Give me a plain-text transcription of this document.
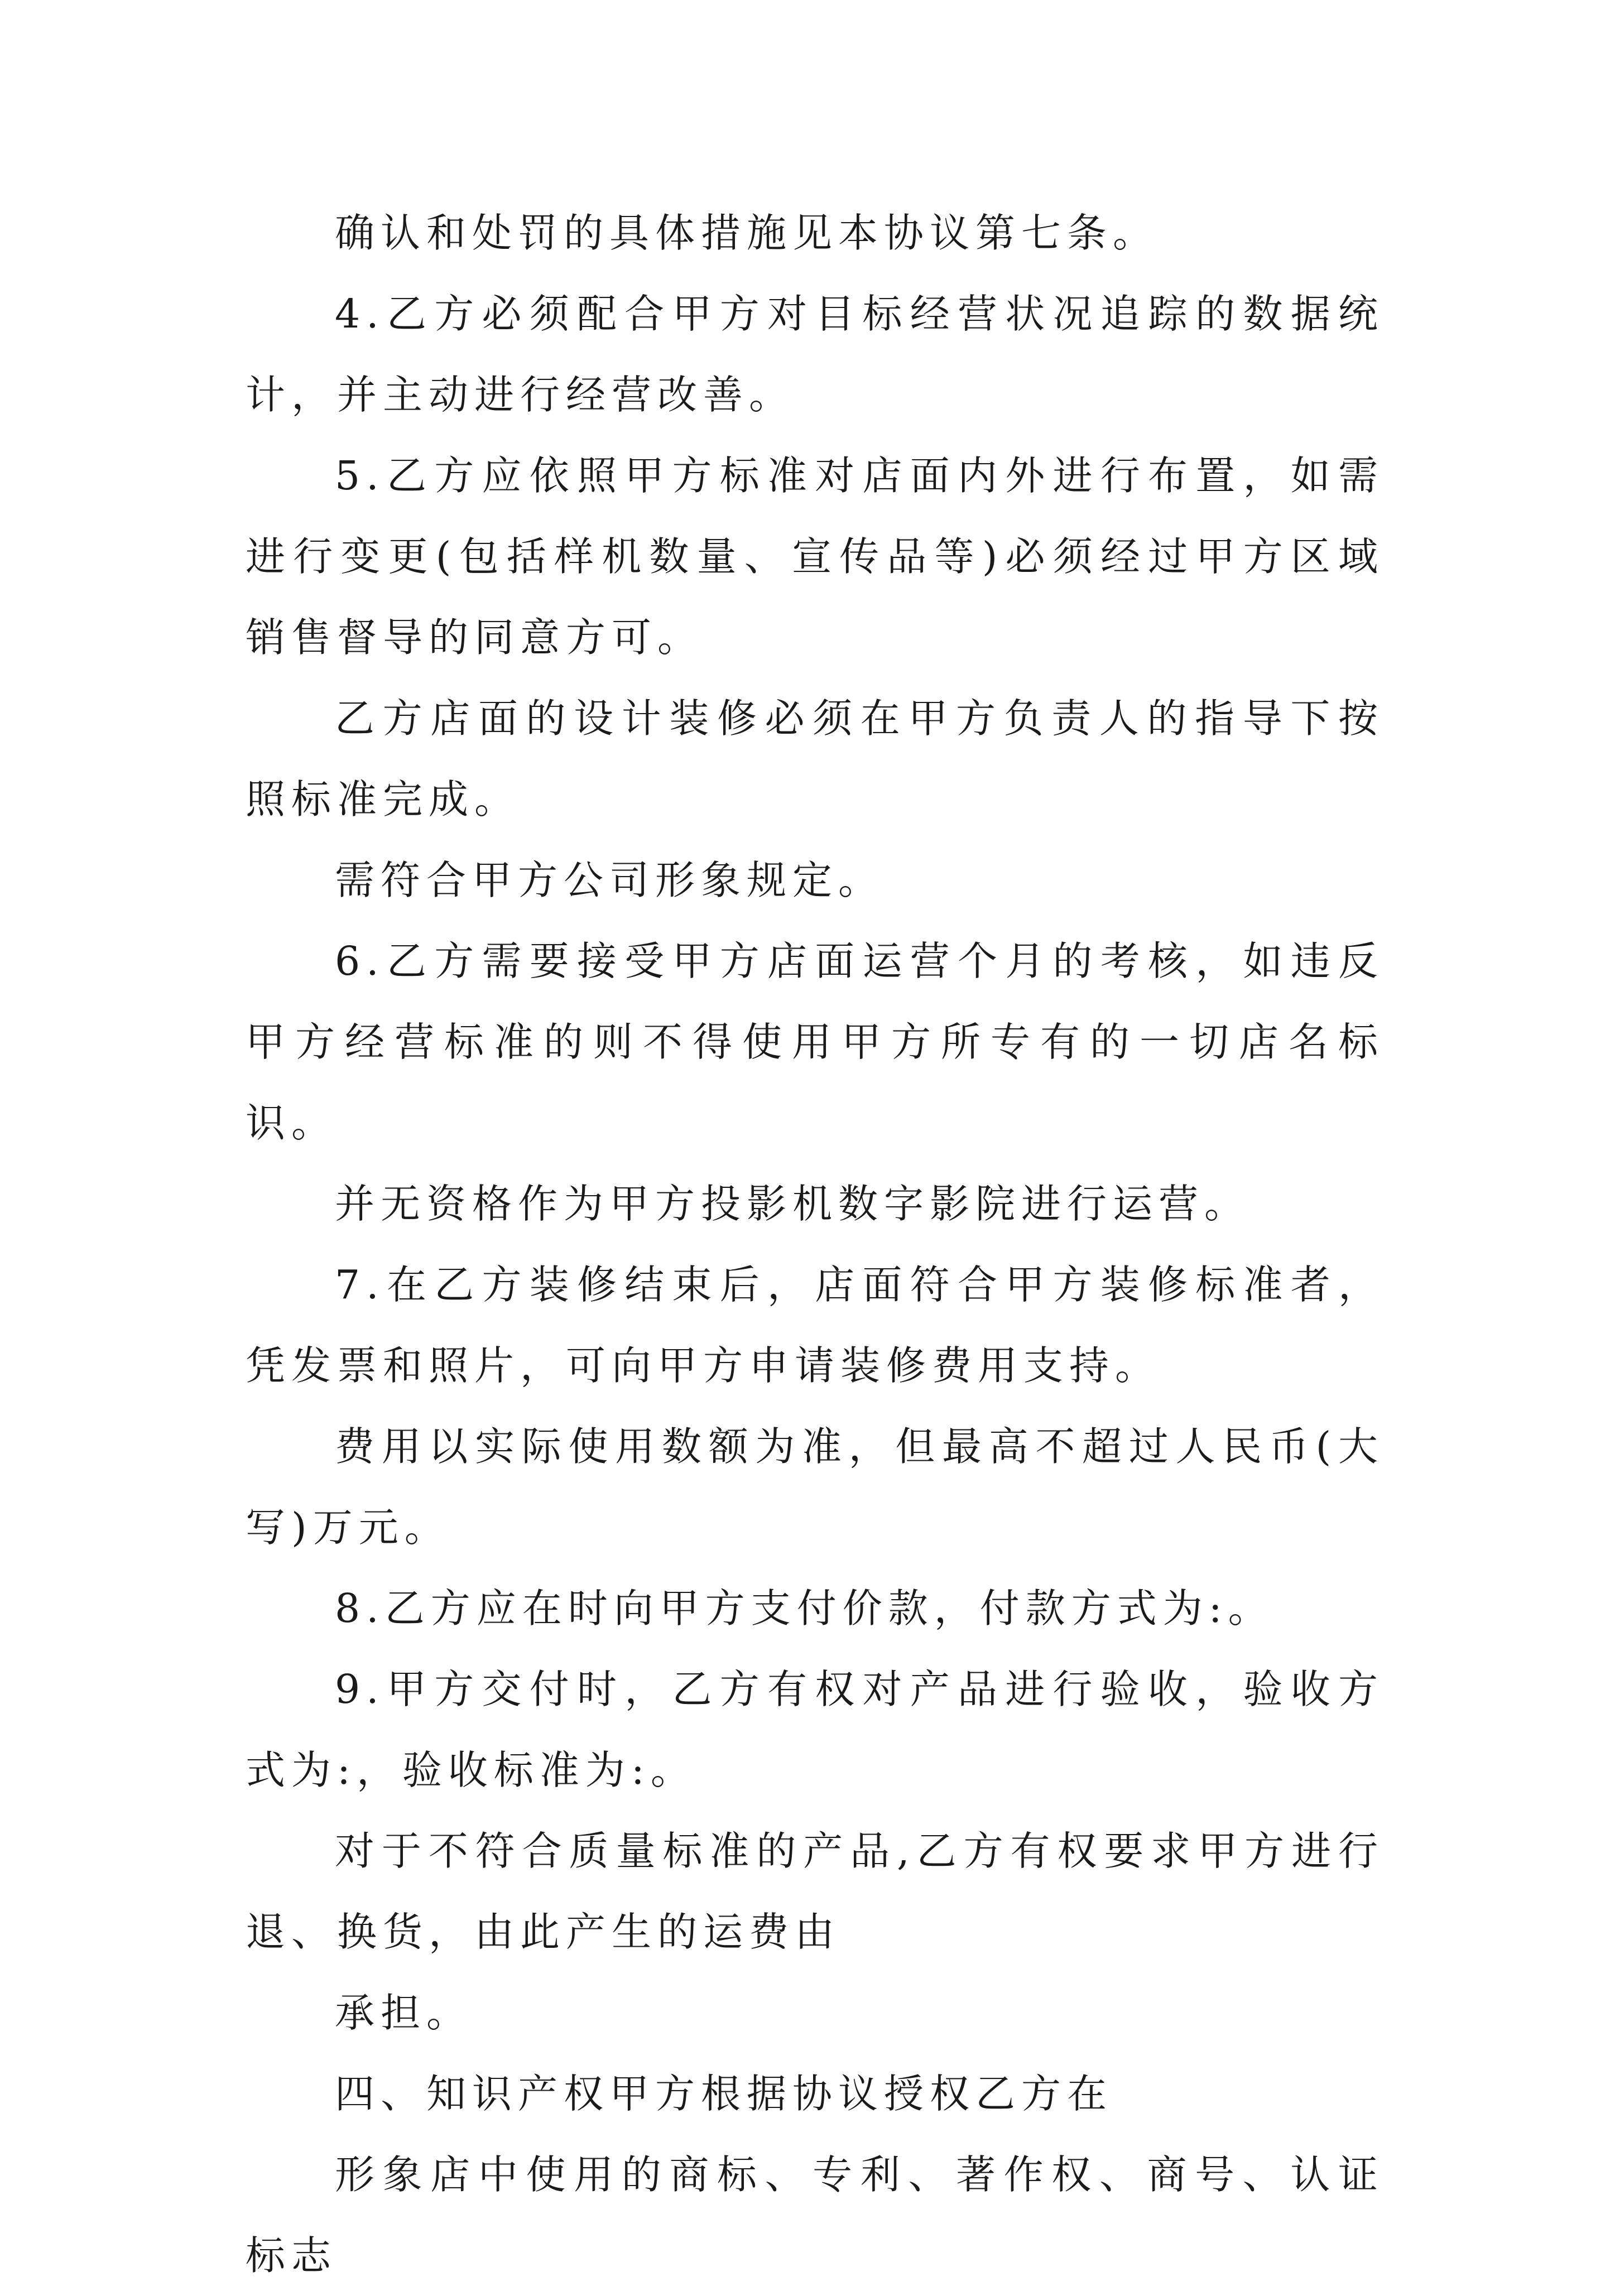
确认和处罚的具体措施见本协议第七条。

4.乙方必须配合甲方对目标经营状况追踪的数据统计，并主动进行经营改善。

5.乙方应依照甲方标准对店面内外进行布置，如需进行变更(包括样机数量、宣传品等)必须经过甲方区域销售督导的同意方可。

乙方店面的设计装修必须在甲方负责人的指导下按照标准完成。

需符合甲方公司形象规定。

6.乙方需要接受甲方店面运营个月的考核，如违反甲方经营标准的则不得使用甲方所专有的一切店名标识。

并无资格作为甲方投影机数字影院进行运营。

7.在乙方装修结束后，店面符合甲方装修标准者，凭发票和照片，可向甲方申请装修费用支持。

费用以实际使用数额为准，但最高不超过人民币(大写)万元。

8.乙方应在时向甲方支付价款，付款方式为:。

9.甲方交付时，乙方有权对产品进行验收，验收方式为:，验收标准为:。

对于不符合质量标准的产品,乙方有权要求甲方进行退、换货，由此产生的运费由

承担。

四、知识产权甲方根据协议授权乙方在

形象店中使用的商标、专利、著作权、商号、认证标志
